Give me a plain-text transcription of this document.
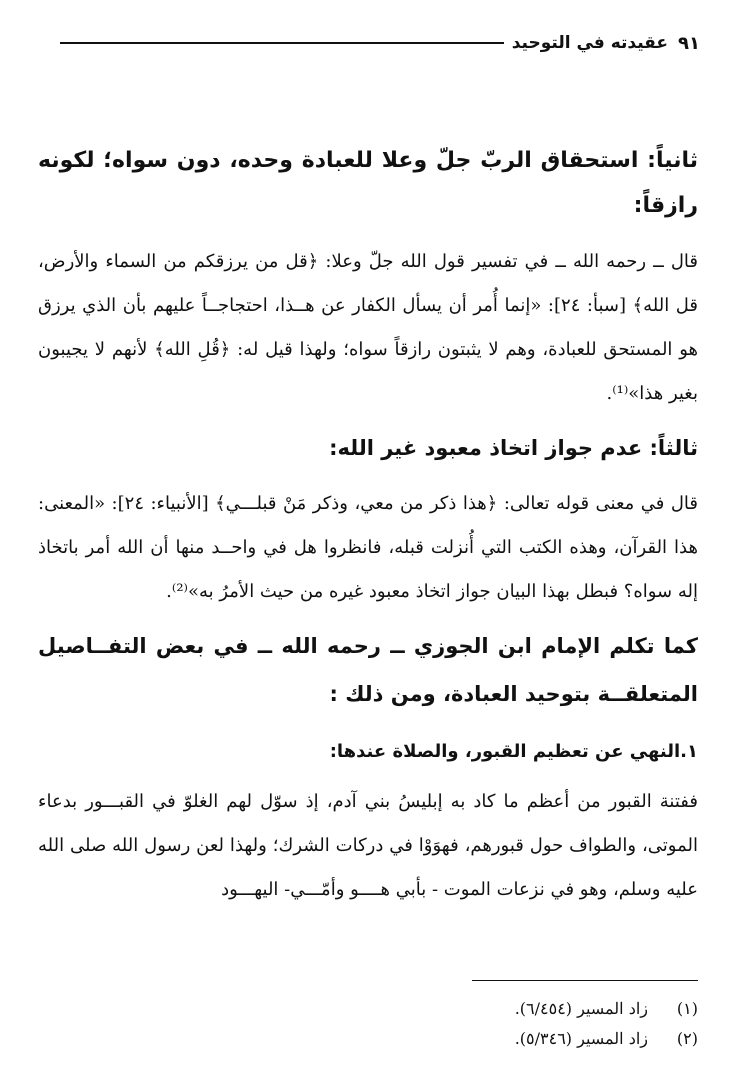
٩١
عقيدته في التوحيد
ثانياً: استحقاق الربّ جلّ وعلا للعبادة وحده، دون سواه؛ لكونه رازقاً:

قال ــ رحمه الله ــ في تفسير قول الله جلّ وعلا: ﴿قل من يرزقكم من السماء والأرض، قل الله﴾ [سبأ: ٢٤]: «إنما أُمر أن يسأل الكفار عن هــذا، احتجاجــاً عليهم بأن الذي يرزق هو المستحق للعبادة، وهم لا يثبتون رازقاً سواه؛ ولهذا قيل له: ﴿قُلِ الله﴾ لأنهم لا يجيبون بغير هذا»⁽¹⁾.

ثالثاً: عدم جواز اتخاذ معبود غير الله:

قال في معنى قوله تعالى: ﴿هذا ذكر من معي، وذكر مَنْ قبلـــي﴾ [الأنبياء: ٢٤]: «المعنى: هذا القرآن، وهذه الكتب التي أُنزلت قبله، فانظروا هل في واحــد منها أن الله أمر باتخاذ إله سواه؟ فبطل بهذا البيان جواز اتخاذ معبود غيره من حيث الأمرُ به»⁽²⁾.

كما تكلم الإمام ابن الجوزي ــ رحمه الله ــ في بعض التفــاصيل المتعلقــة بتوحيد العبادة، ومن ذلك :
١.النهي عن تعظيم القبور، والصلاة عندها:

ففتنة القبور من أعظم ما كاد به إبليسُ بني آدم، إذ سوّل لهم الغلوّ في القبـــور بدعاء الموتى، والطواف حول قبورهم، فهوَوْا في دركات الشرك؛ ولهذا لعن رسول الله صلى الله عليه وسلم، وهو في نزعات الموت - بأبي هــــو وأمّـــي- اليهـــود

(١)
زاد المسير (٦/٤٥٤).
(٢)
زاد المسير (٥/٣٤٦).
